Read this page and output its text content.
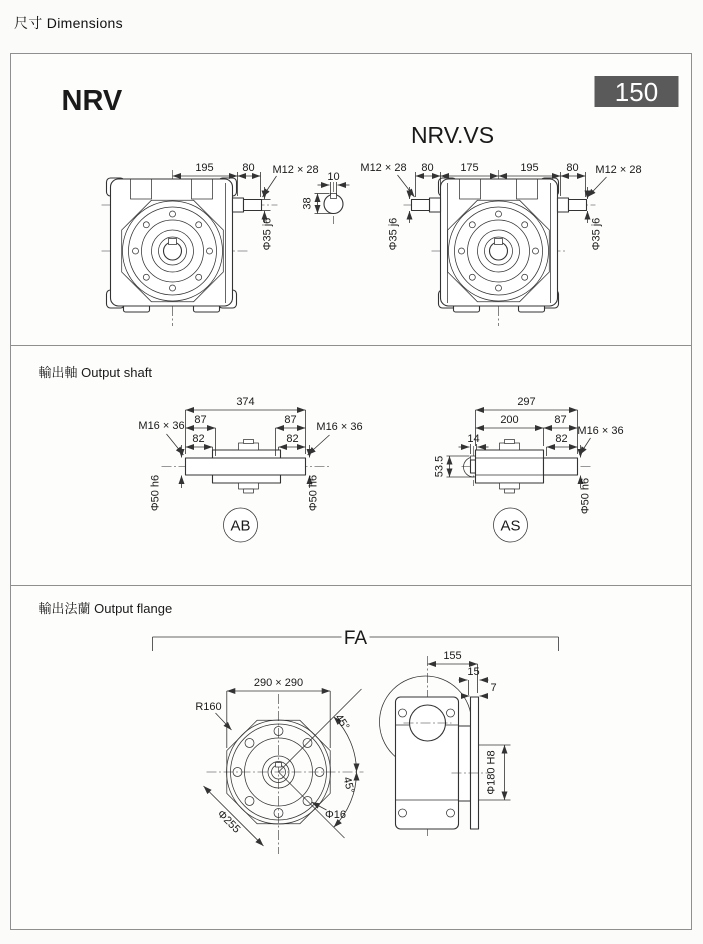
尺寸 Dimensions
NRV	150
NRV.VS
195	80 M12 × 28
Φ35 j6
10
38
80 175	195	80
M12 × 28	M12 × 28
Φ35 j6	Φ35 j6
輸出軸 Output shaft
374
87	87
82	82
M16 × 36	M16 × 36
Φ50 h6	Φ50 h6
AB
14
53.5
297
200	87
82
M16 × 36
Φ50 h6
AS
輸出法蘭 Output flange
FA
290 × 290
R160
45°
45°
Φ255	Φ16
155
15
7
Φ180 H8
